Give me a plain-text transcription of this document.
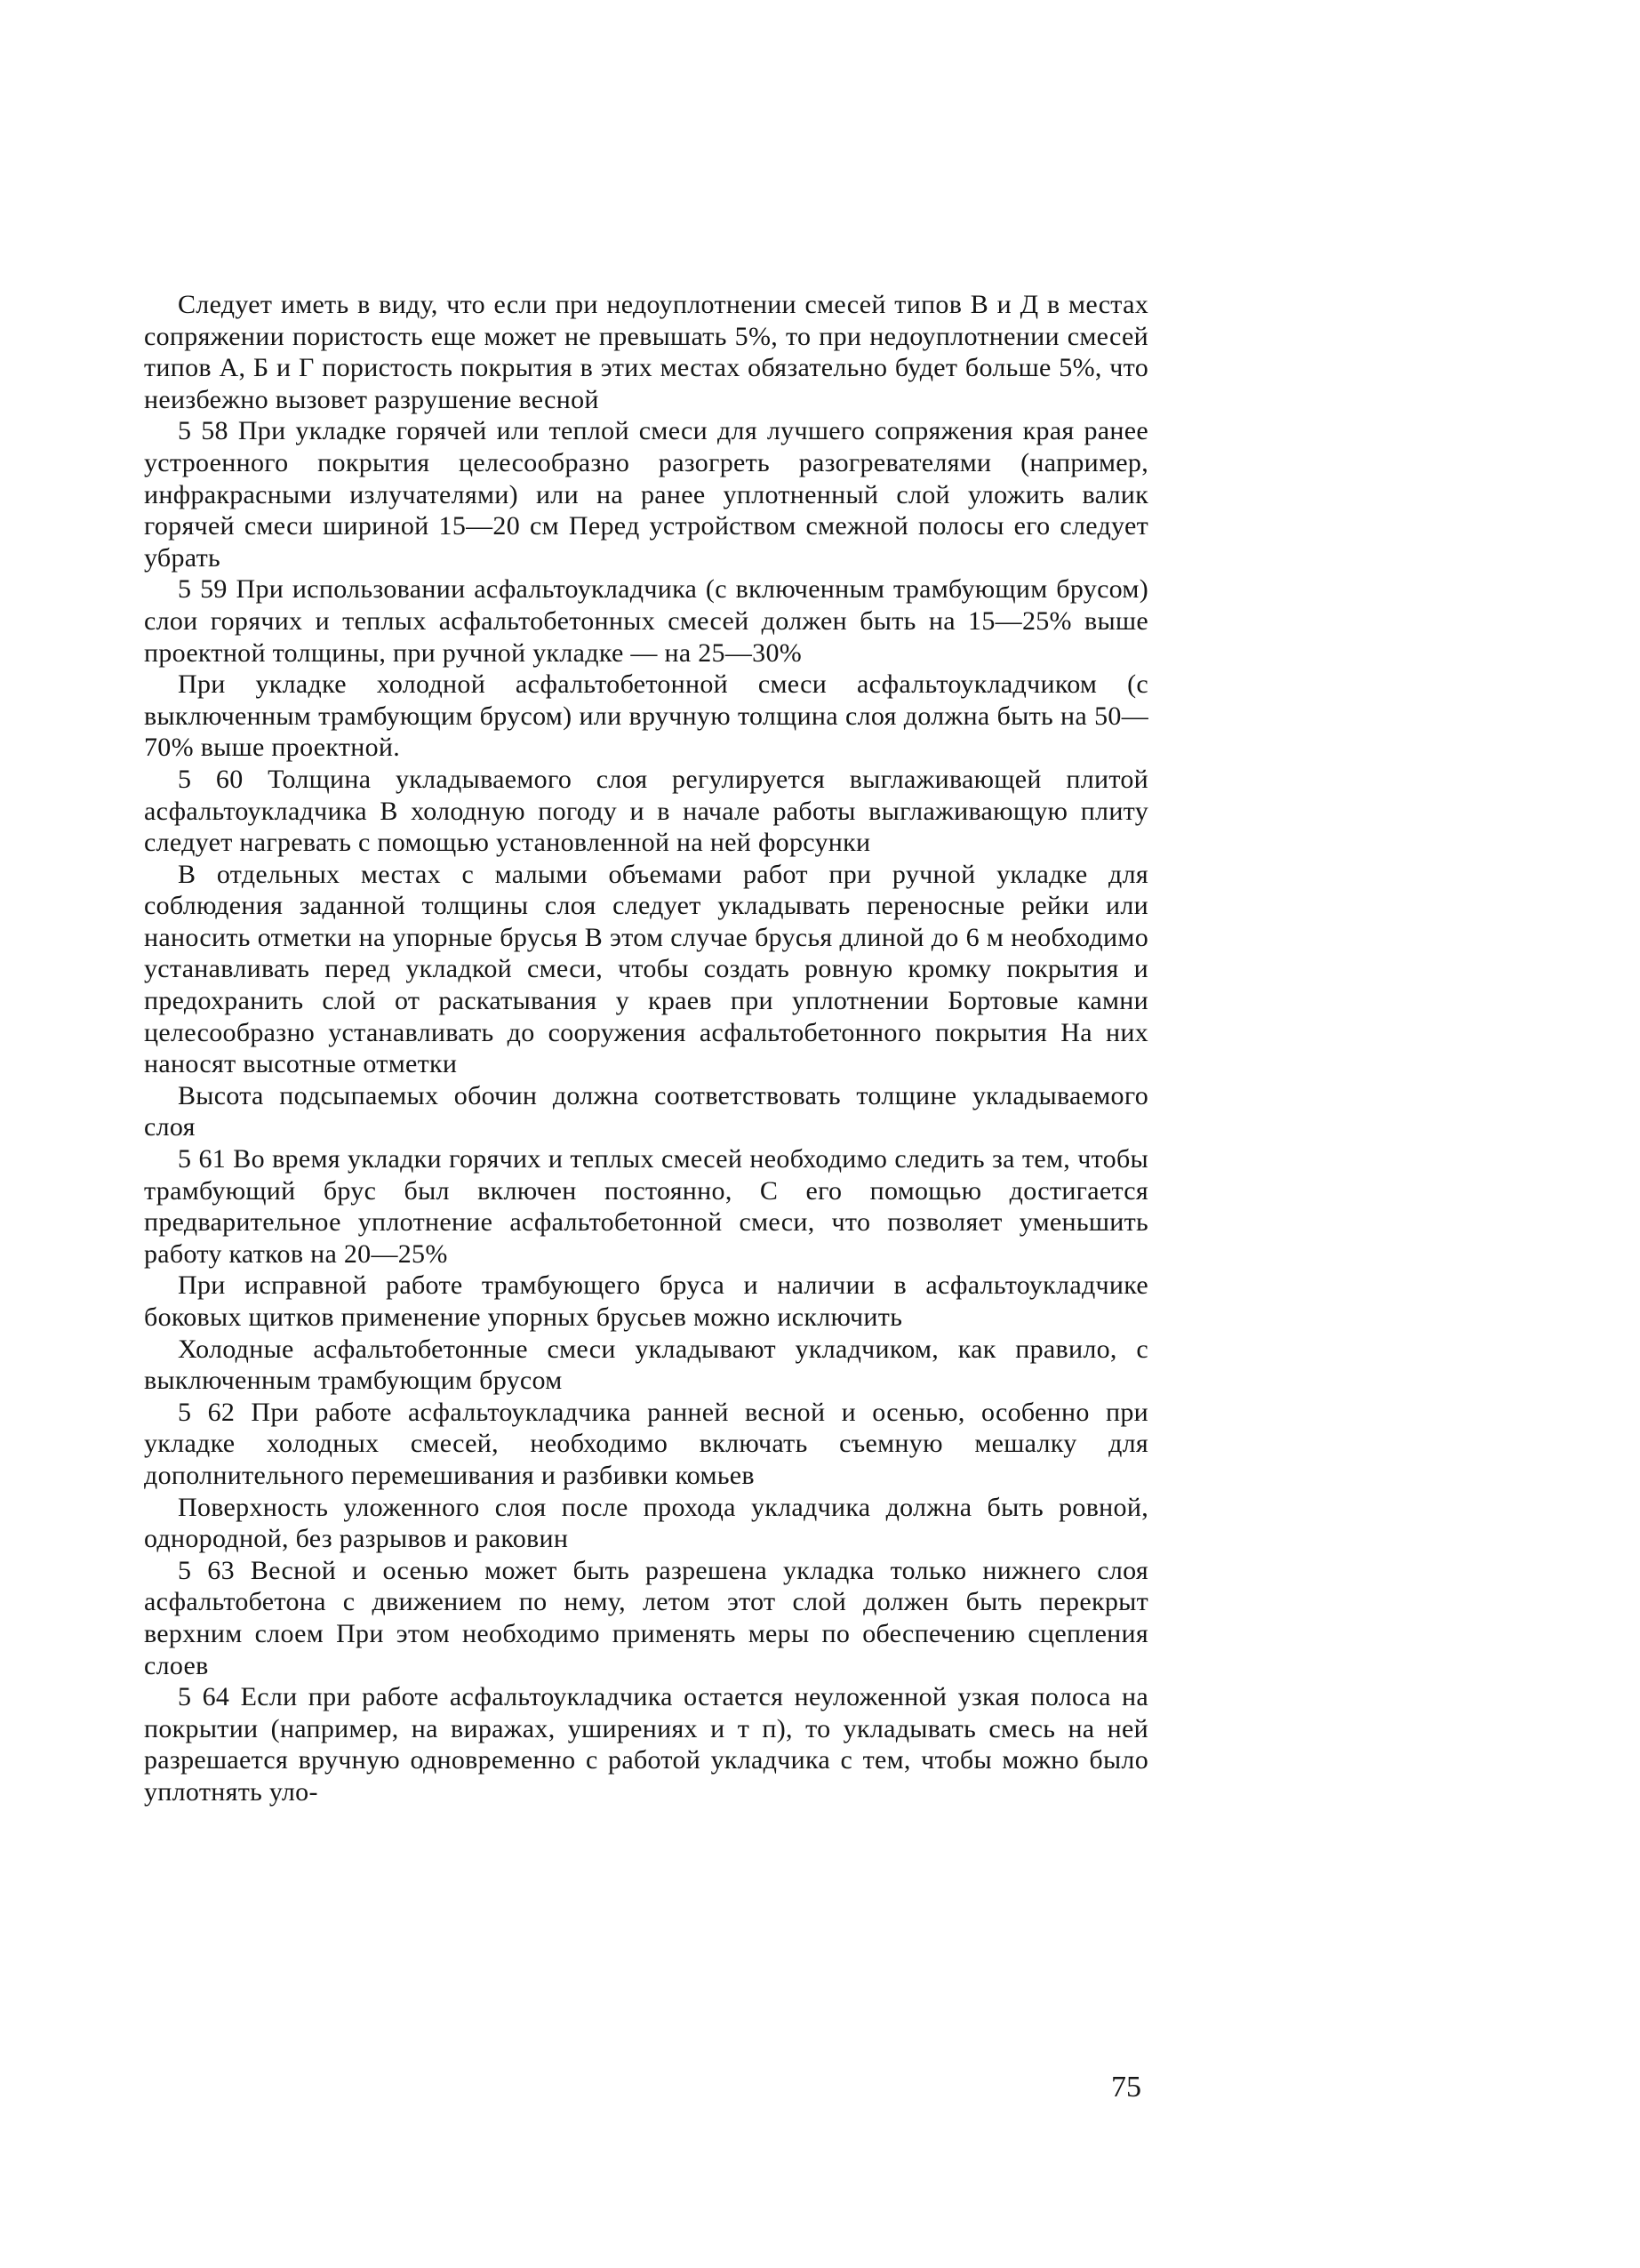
Следует иметь в виду, что если при недоуплотнении смесей типов В и Д в местах сопряжении пористость еще может не превышать 5%, то при недоуплотнении смесей типов А, Б и Г пористость покрытия в этих местах обязательно будет больше 5%, что неизбежно вызовет разрушение весной

5 58 При укладке горячей или теплой смеси для лучшего сопряжения края ранее устроенного покрытия целесообразно разогреть разогревателями (например, инфракрасными излучателями) или на ранее уплотненный слой уложить валик горячей смеси шириной 15—20 см Перед устройством смежной полосы его следует убрать

5 59 При использовании асфальтоукладчика (с включенным трамбующим брусом) слои горячих и теплых асфальтобетонных смесей должен быть на 15—25% выше проектной толщины, при ручной укладке — на 25—30%

При укладке холодной асфальтобетонной смеси асфальтоукладчиком (с выключенным трамбующим брусом) или вручную толщина слоя должна быть на 50—70% выше проектной.

5 60 Толщина укладываемого слоя регулируется выглаживающей плитой асфальтоукладчика В холодную погоду и в начале работы выглаживающую плиту следует нагревать с помощью установленной на ней форсунки

В отдельных местах с малыми объемами работ при ручной укладке для соблюдения заданной толщины слоя следует укладывать переносные рейки или наносить отметки на упорные брусья В этом случае брусья длиной до 6 м необходимо устанавливать перед укладкой смеси, чтобы создать ровную кромку покрытия и предохранить слой от раскатывания у краев при уплотнении Бортовые камни целесообразно устанавливать до сооружения асфальтобетонного покрытия На них наносят высотные отметки

Высота подсыпаемых обочин должна соответствовать толщине укладываемого слоя

5 61 Во время укладки горячих и теплых смесей необходимо следить за тем, чтобы трамбующий брус был включен постоянно, С его помощью достигается предварительное уплотнение асфальтобетонной смеси, что позволяет уменьшить работу катков на 20—25%

При исправной работе трамбующего бруса и наличии в асфальтоукладчике боковых щитков применение упорных брусьев можно исключить

Холодные асфальтобетонные смеси укладывают укладчиком, как правило, с выключенным трамбующим брусом

5 62 При работе асфальтоукладчика ранней весной и осенью, особенно при укладке холодных смесей, необходимо включать съемную мешалку для дополнительного перемешивания и разбивки комьев

Поверхность уложенного слоя после прохода укладчика должна быть ровной, однородной, без разрывов и раковин

5 63 Весной и осенью может быть разрешена укладка только нижнего слоя асфальтобетона с движением по нему, летом этот слой должен быть перекрыт верхним слоем При этом необходимо применять меры по обеспечению сцепления слоев

5 64 Если при работе асфальтоукладчика остается неуложенной узкая полоса на покрытии (например, на виражах, уширениях и т п), то укладывать смесь на ней разрешается вручную одновременно с работой укладчика с тем, чтобы можно было уплотнять уло-

75
